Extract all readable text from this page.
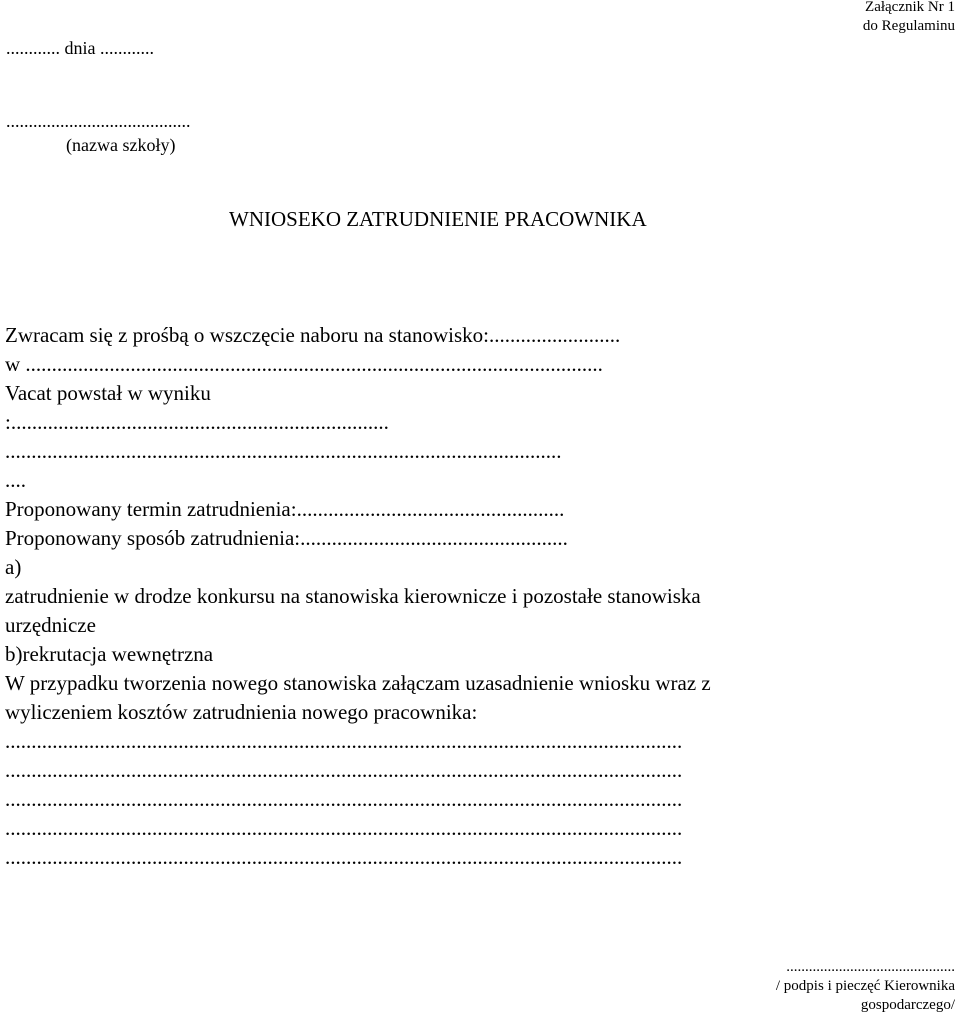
Załącznik Nr 1
do Regulaminu
............ dnia ............
.........................................
(nazwa szkoły)
WNIOSEKO ZATRUDNIENIE PRACOWNIKA
Zwracam się z prośbą o wszczęcie naboru na stanowisko:.........................
w ..............................................................................................................
Vacat powstał w wyniku
:........................................................................
..........................................................................................................
....
Proponowany termin zatrudnienia:...................................................
Proponowany sposób zatrudnienia:...................................................
a)
zatrudnienie w drodze konkursu na stanowiska kierownicze i pozostałe stanowiska
urzędnicze
b)rekrutacja wewnętrzna
W przypadku tworzenia nowego stanowiska załączam uzasadnienie wniosku wraz z
wyliczeniem kosztów zatrudnienia nowego pracownika:
.................................................................................................................................
.................................................................................................................................
.................................................................................................................................
.................................................................................................................................
.................................................................................................................................
.............................................
/ podpis i pieczęć Kierownika
gospodarczego/
